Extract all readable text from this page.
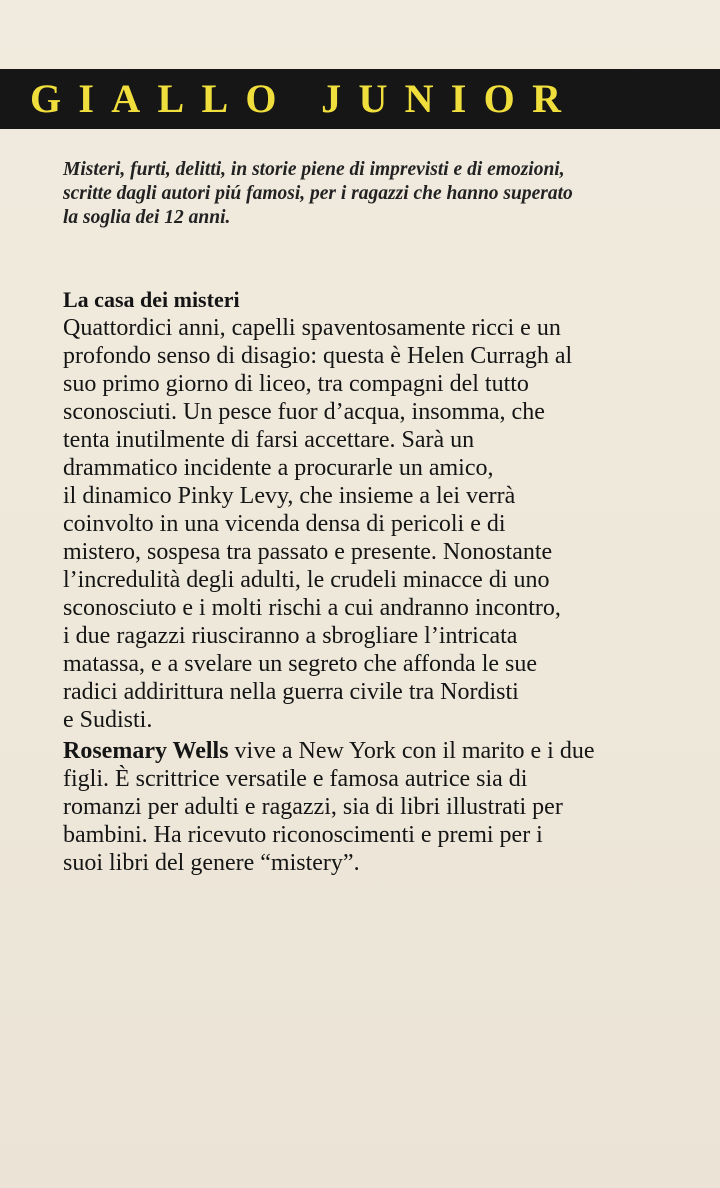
GIALLO JUNIOR
Misteri, furti, delitti, in storie piene di imprevisti e di emozioni,
scritte dagli autori piú famosi, per i ragazzi che hanno superato
la soglia dei 12 anni.
La casa dei misteri
Quattordici anni, capelli spaventosamente ricci e un
profondo senso di disagio: questa è Helen Curragh al
suo primo giorno di liceo, tra compagni del tutto
sconosciuti. Un pesce fuor d’acqua, insomma, che
tenta inutilmente di farsi accettare. Sarà un
drammatico incidente a procurarle un amico,
il dinamico Pinky Levy, che insieme a lei verrà
coinvolto in una vicenda densa di pericoli e di
mistero, sospesa tra passato e presente. Nonostante
l’incredulità degli adulti, le crudeli minacce di uno
sconosciuto e i molti rischi a cui andranno incontro,
i due ragazzi riusciranno a sbrogliare l’intricata
matassa, e a svelare un segreto che affonda le sue
radici addirittura nella guerra civile tra Nordisti
e Sudisti.
Rosemary Wells vive a New York con il marito e i due
figli. È scrittrice versatile e famosa autrice sia di
romanzi per adulti e ragazzi, sia di libri illustrati per
bambini. Ha ricevuto riconoscimenti e premi per i
suoi libri del genere “mistery”.
